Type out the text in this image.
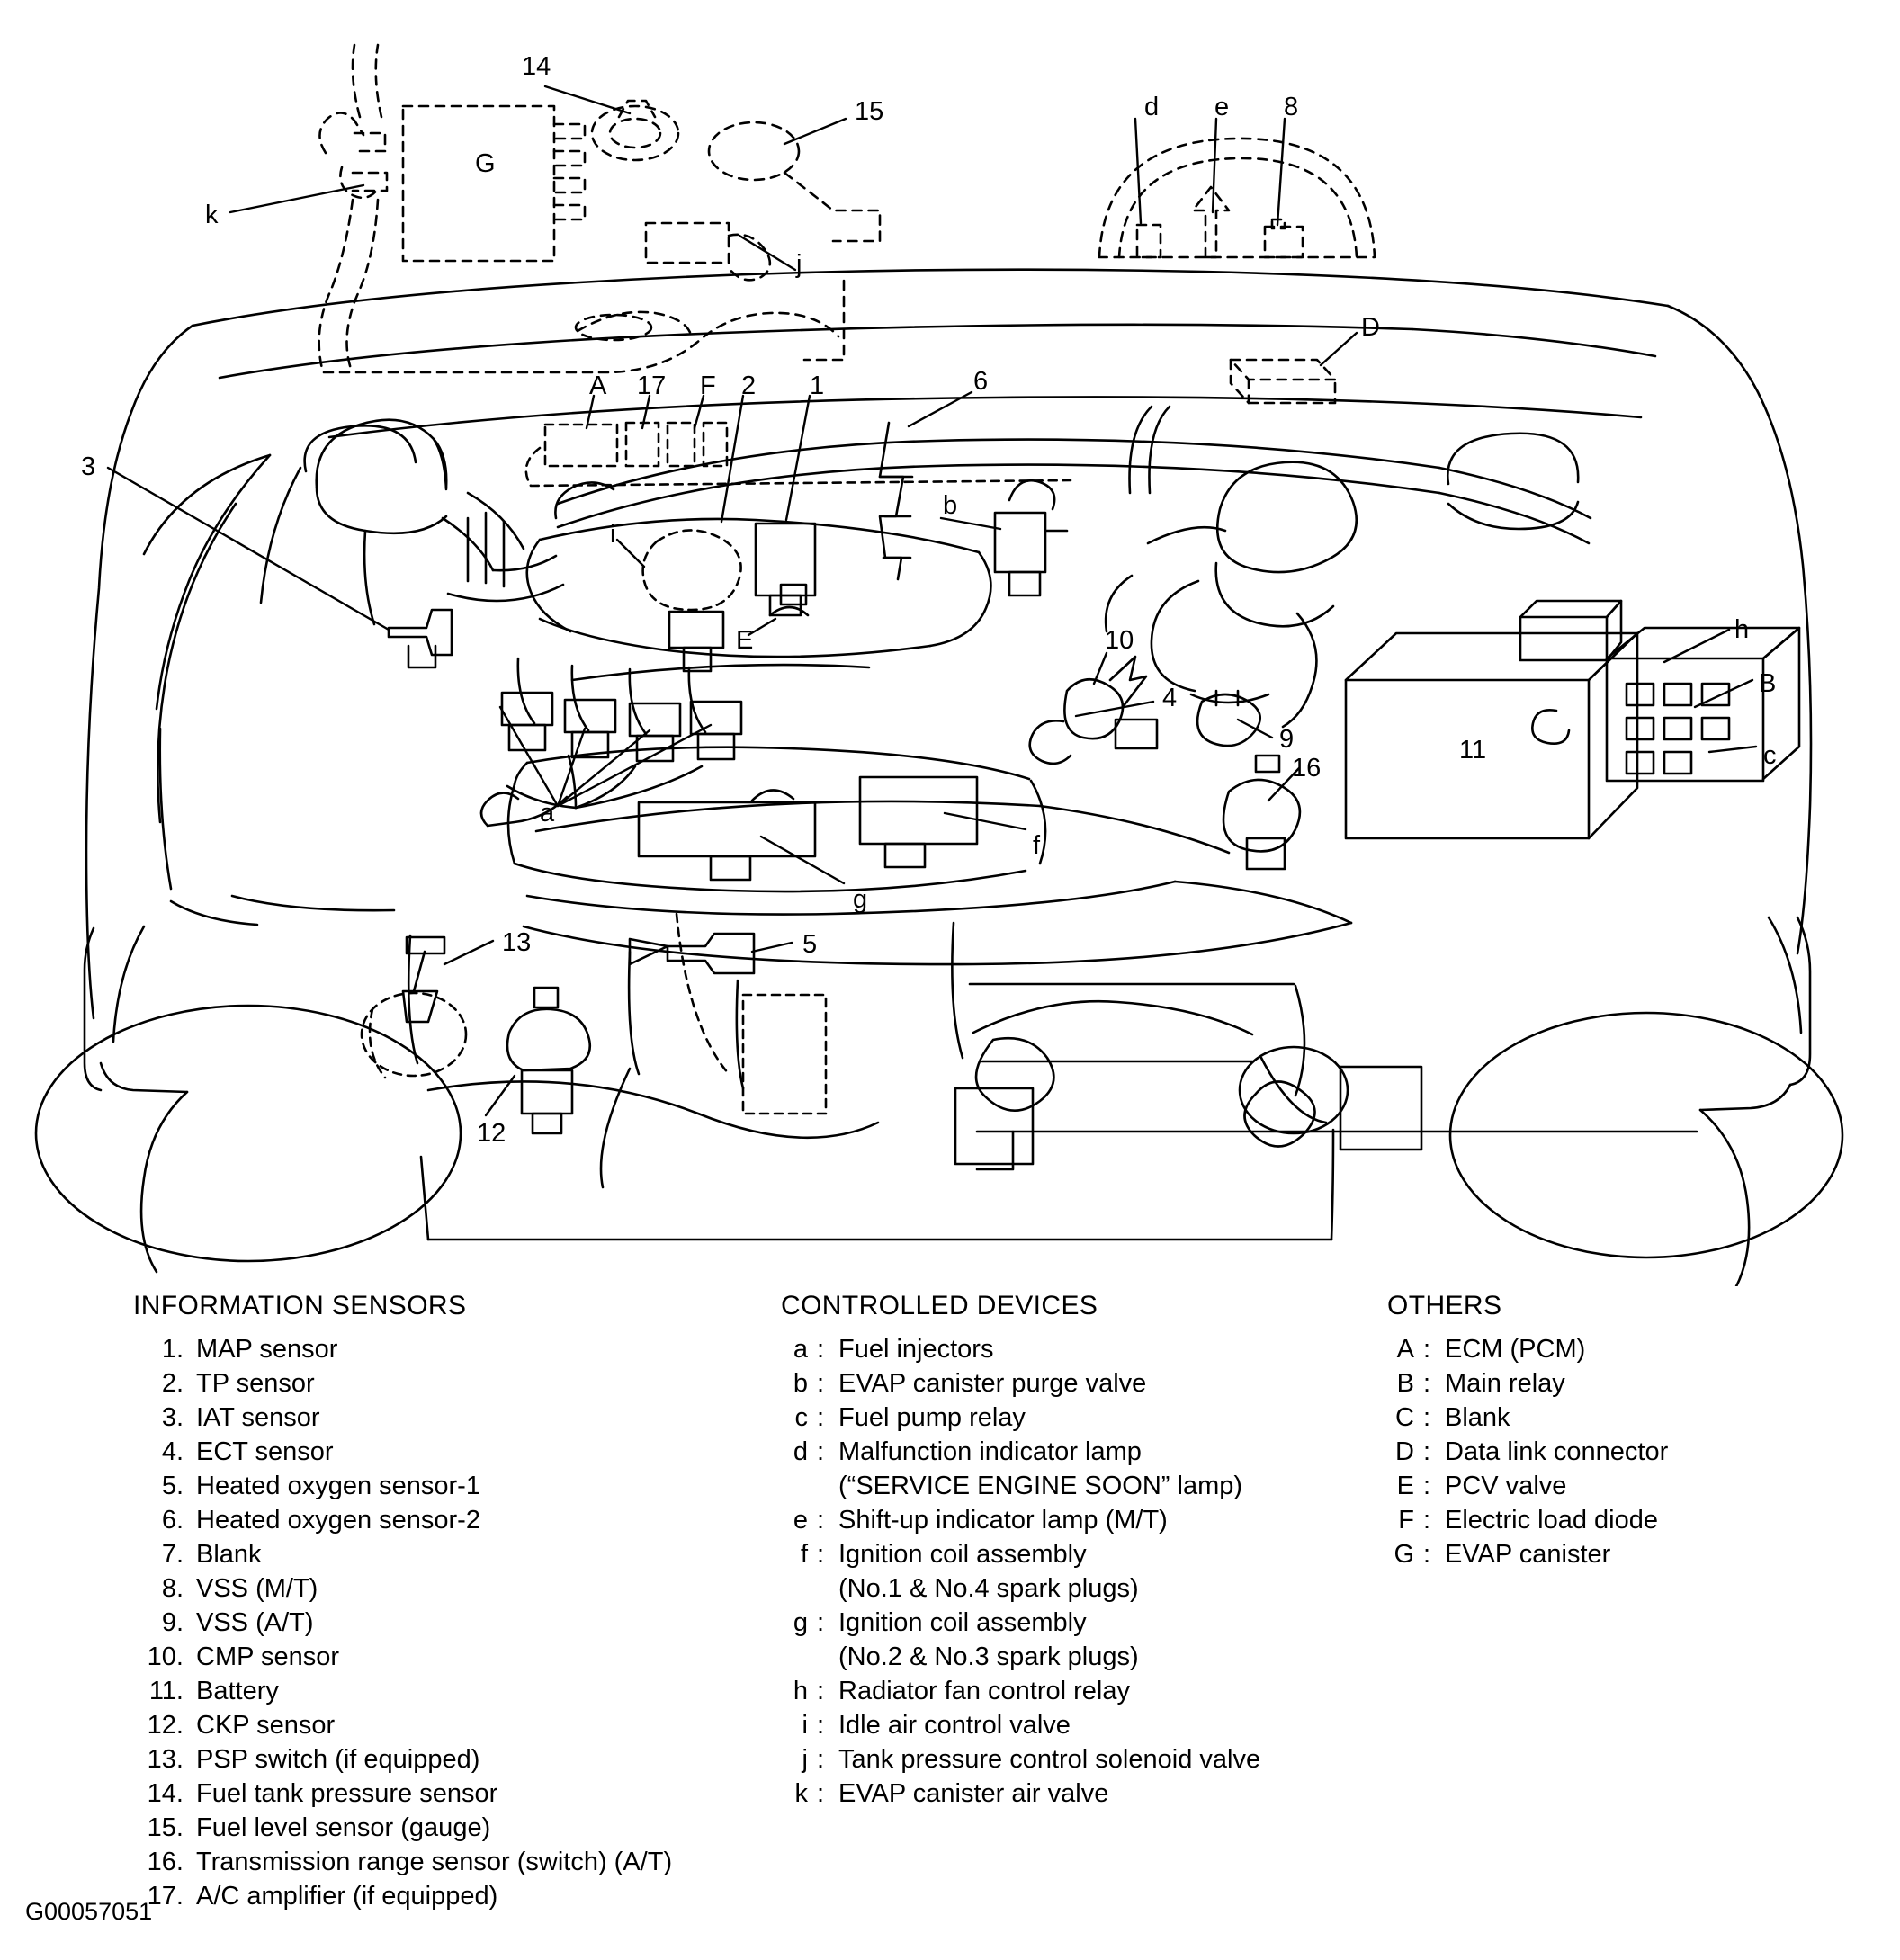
14
15
k
G
j
d e 8
D
A 17 F 2 1	6
3
i
b
E	10	h
4	B
9	11	c
16
a
f
g
13	5
12
INFORMATION SENSORS
1. MAP sensor
2. TP sensor
3. IAT sensor
4. ECT sensor
5. Heated oxygen sensor-1
6. Heated oxygen sensor-2
7. Blank
8. VSS (M/T)
9. VSS (A/T)
10. CMP sensor
11. Battery
12. CKP sensor
13. PSP switch (if equipped)
14. Fuel tank pressure sensor
15. Fuel level sensor (gauge)
16. Transmission range sensor (switch) (A/T)
17. A/C amplifier (if equipped)
CONTROLLED DEVICES
a : Fuel injectors
b : EVAP canister purge valve
c : Fuel pump relay
d : Malfunction indicator lamp
(“SERVICE ENGINE SOON” lamp)
e : Shift-up indicator lamp (M/T)
f : Ignition coil assembly
(No.1 & No.4 spark plugs)
g : Ignition coil assembly
(No.2 & No.3 spark plugs)
h : Radiator fan control relay
i : Idle air control valve
j : Tank pressure control solenoid valve
k : EVAP canister air valve
OTHERS
A : ECM (PCM)
B : Main relay
C : Blank
D : Data link connector
E : PCV valve
F : Electric load diode
G : EVAP canister
G00057051
